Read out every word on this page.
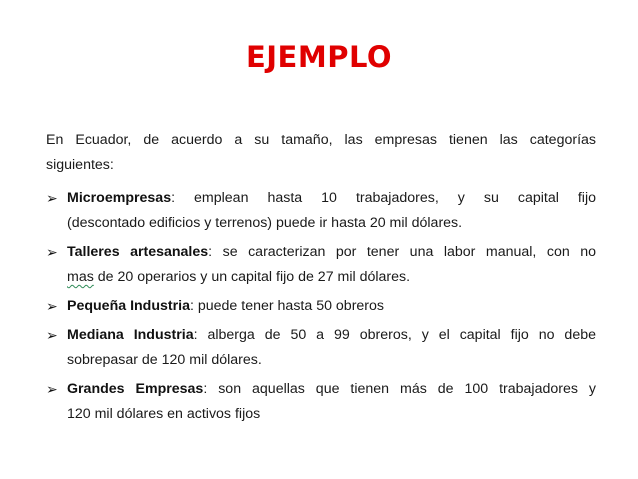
EJEMPLO

En Ecuador, de acuerdo a su tamaño, las empresas tienen las categorías
siguientes:

➢ Microempresas: emplean hasta 10 trabajadores, y su capital fijo
(descontado edificios y terrenos) puede ir hasta 20 mil dólares.
➢ Talleres artesanales: se caracterizan por tener una labor manual, con no
mas de 20 operarios y un capital fijo de 27 mil dólares.
➢ Pequeña Industria: puede tener hasta 50 obreros
➢ Mediana Industria: alberga de 50 a 99 obreros, y el capital fijo no debe
sobrepasar de 120 mil dólares.
➢ Grandes Empresas: son aquellas que tienen más de 100 trabajadores y
120 mil dólares en activos fijos
